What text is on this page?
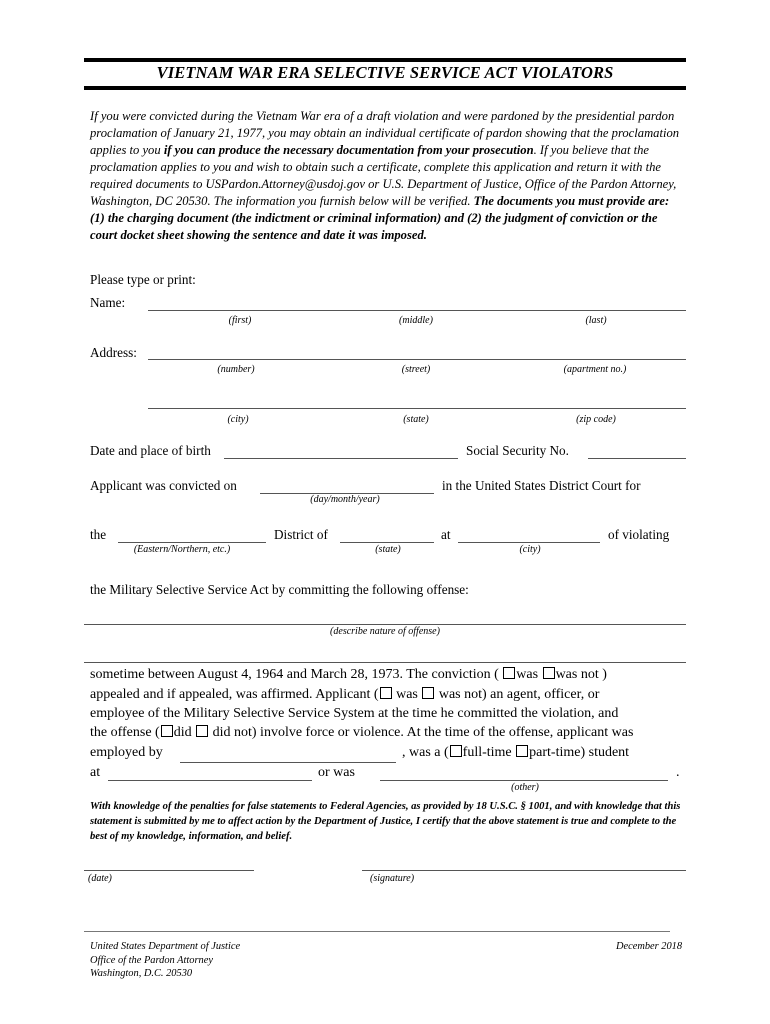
VIETNAM WAR ERA SELECTIVE SERVICE ACT VIOLATORS
If you were convicted during the Vietnam War era of a draft violation and were pardoned by the presidential pardon proclamation of January 21, 1977, you may obtain an individual certificate of pardon showing that the proclamation applies to you if you can produce the necessary documentation from your prosecution. If you believe that the proclamation applies to you and wish to obtain such a certificate, complete this application and return it with the required documents to USPardon.Attorney@usdoj.gov or U.S. Department of Justice, Office of the Pardon Attorney, Washington, DC 20530. The information you furnish below will be verified. The documents you must provide are: (1) the charging document (the indictment or criminal information) and (2) the judgment of conviction or the court docket sheet showing the sentence and date it was imposed.
Please type or print:
Name:
(first)	(middle)	(last)
Address:
(number)	(street)	(apartment no.)
(city)	(state)	(zip code)
Date and place of birth	Social Security No.
Applicant was convicted on	in the United States District Court for
(day/month/year)
the	District of	at	of violating
(Eastern/Northern, etc.)	(state)	(city)
the Military Selective Service Act by committing the following offense:
(describe nature of offense)
sometime between August 4, 1964 and March 28, 1973. The conviction ( was was not )
appealed and if appealed, was affirmed. Applicant ( was was not) an agent, officer, or
employee of the Military Selective Service System at the time he committed the violation, and
the offense ( did did not) involve force or violence. At the time of the offense, applicant was
employed by	, was a ( full-time part-time) student
at	or was	.
(other)
With knowledge of the penalties for false statements to Federal Agencies, as provided by 18 U.S.C. § 1001, and with knowledge that this statement is submitted by me to affect action by the Department of Justice, I certify that the above statement is true and complete to the best of my knowledge, information, and belief.
(date)	(signature)
United States Department of Justice
Office of the Pardon Attorney
Washington, D.C. 20530
December 2018
